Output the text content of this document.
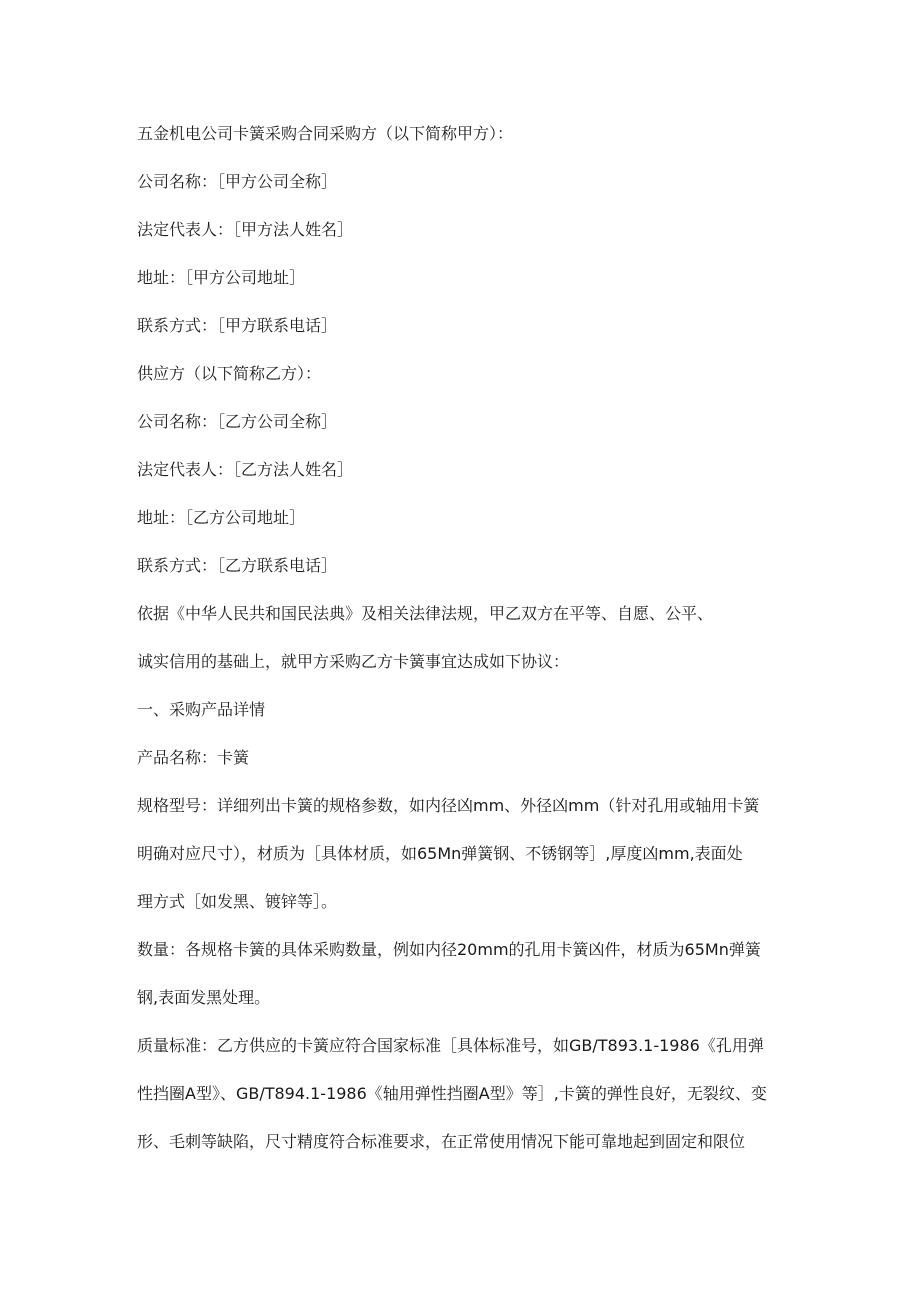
五金机电公司卡簧采购合同采购方（以下简称甲方）：
公司名称：［甲方公司全称］
法定代表人：［甲方法人姓名］
地址：［甲方公司地址］
联系方式：［甲方联系电话］
供应方（以下简称乙方）：
公司名称：［乙方公司全称］
法定代表人：［乙方法人姓名］
地址：［乙方公司地址］
联系方式：［乙方联系电话］
依据《中华人民共和国民法典》及相关法律法规，甲乙双方在平等、自愿、公平、
诚实信用的基础上，就甲方采购乙方卡簧事宜达成如下协议：
一、采购产品详情
产品名称：卡簧
规格型号：详细列出卡簧的规格参数，如内径凶mm、外径凶mm（针对孔用或轴用卡簧
明确对应尺寸），材质为［具体材质，如65Mn弹簧钢、不锈钢等］,厚度凶mm,表面处
理方式［如发黑、镀锌等］。
数量：各规格卡簧的具体采购数量，例如内径20mm的孔用卡簧凶件，材质为65Mn弹簧
钢,表面发黑处理。
质量标准：乙方供应的卡簧应符合国家标准［具体标准号，如GB/T893.1-1986《孔用弹
性挡圈A型》、GB/T894.1-1986《轴用弹性挡圈A型》等］,卡簧的弹性良好，无裂纹、变
形、毛刺等缺陷，尺寸精度符合标准要求，在正常使用情况下能可靠地起到固定和限位
